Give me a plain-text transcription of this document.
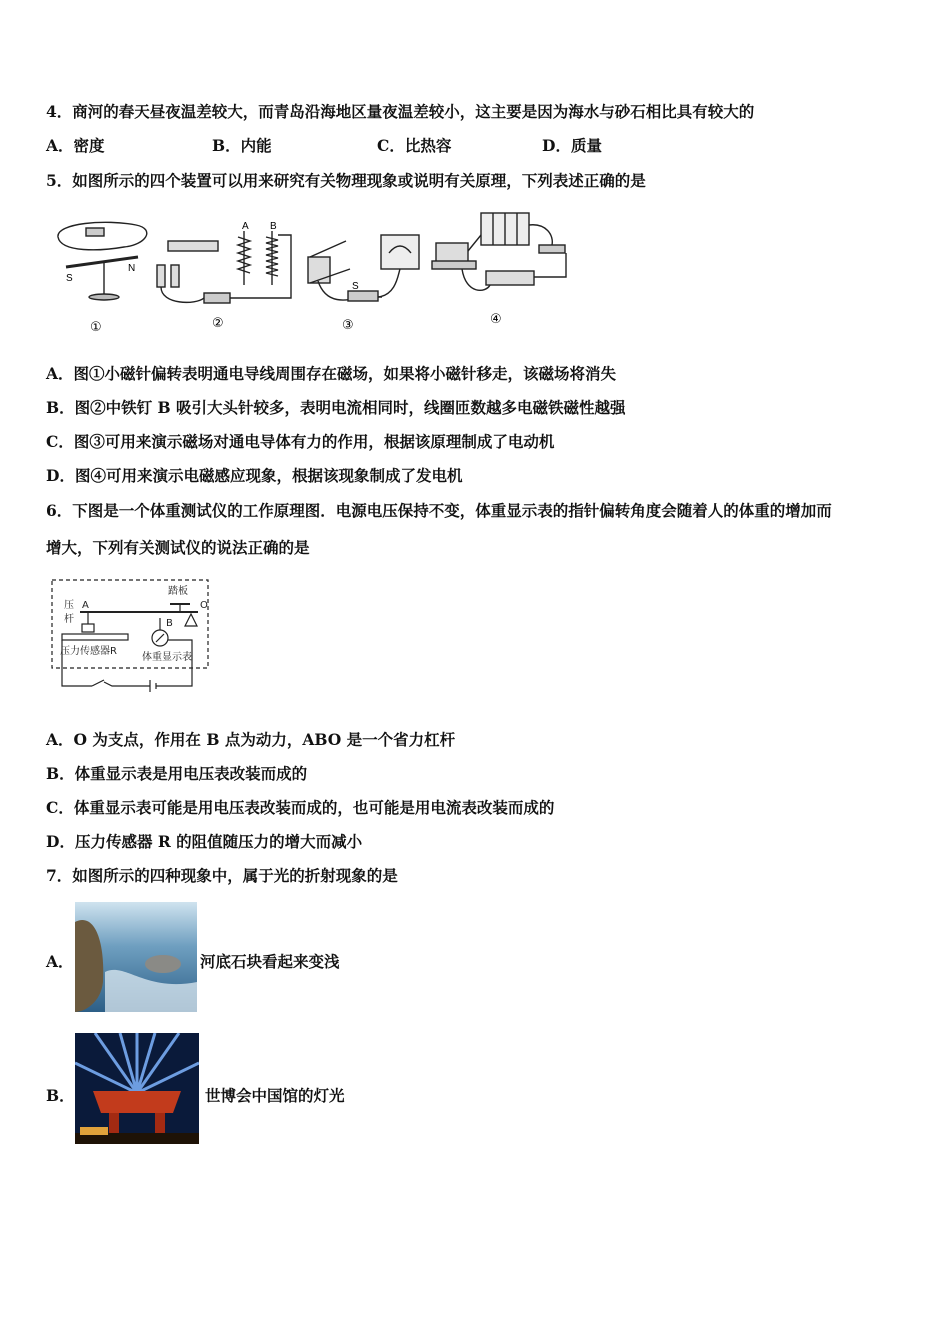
4．商河的春天昼夜温差较大，而青岛沿海地区量夜温差较小，这主要是因为海水与砂石相比具有较大的
A．密度	B．内能	C．比热容	D．质量
5．如图所示的四个装置可以用来研究有关物理现象或说明有关原理，下列表述正确的是
S
N
A B
S
①	②	③	④
A．图①小磁针偏转表明通电导线周围存在磁场，如果将小磁针移走，该磁场将消失
B．图②中铁钉 B 吸引大头针较多，表明电流相同时，线圈匝数越多电磁铁磁性越强
C．图③可用来演示磁场对通电导体有力的作用，根据该原理制成了电动机
D．图④可用来演示电磁感应现象，根据该现象制成了发电机
6．下图是一个体重测试仪的工作原理图．电源电压保持不变，体重显示表的指针偏转角度会随着人的体重的增加而
增大，下列有关测试仪的说法正确的是
踏板
压
杆
A
B
O
压力传感器R
体重显示表
A．O 为支点，作用在 B 点为动力，ABO 是一个省力杠杆
B．体重显示表是用电压表改装而成的
C．体重显示表可能是用电压表改装而成的，也可能是用电流表改装而成的
D．压力传感器 R 的阻值随压力的增大而减小
7．如图所示的四种现象中，属于光的折射现象的是
A．	河底石块看起来变浅
B．	世博会中国馆的灯光
